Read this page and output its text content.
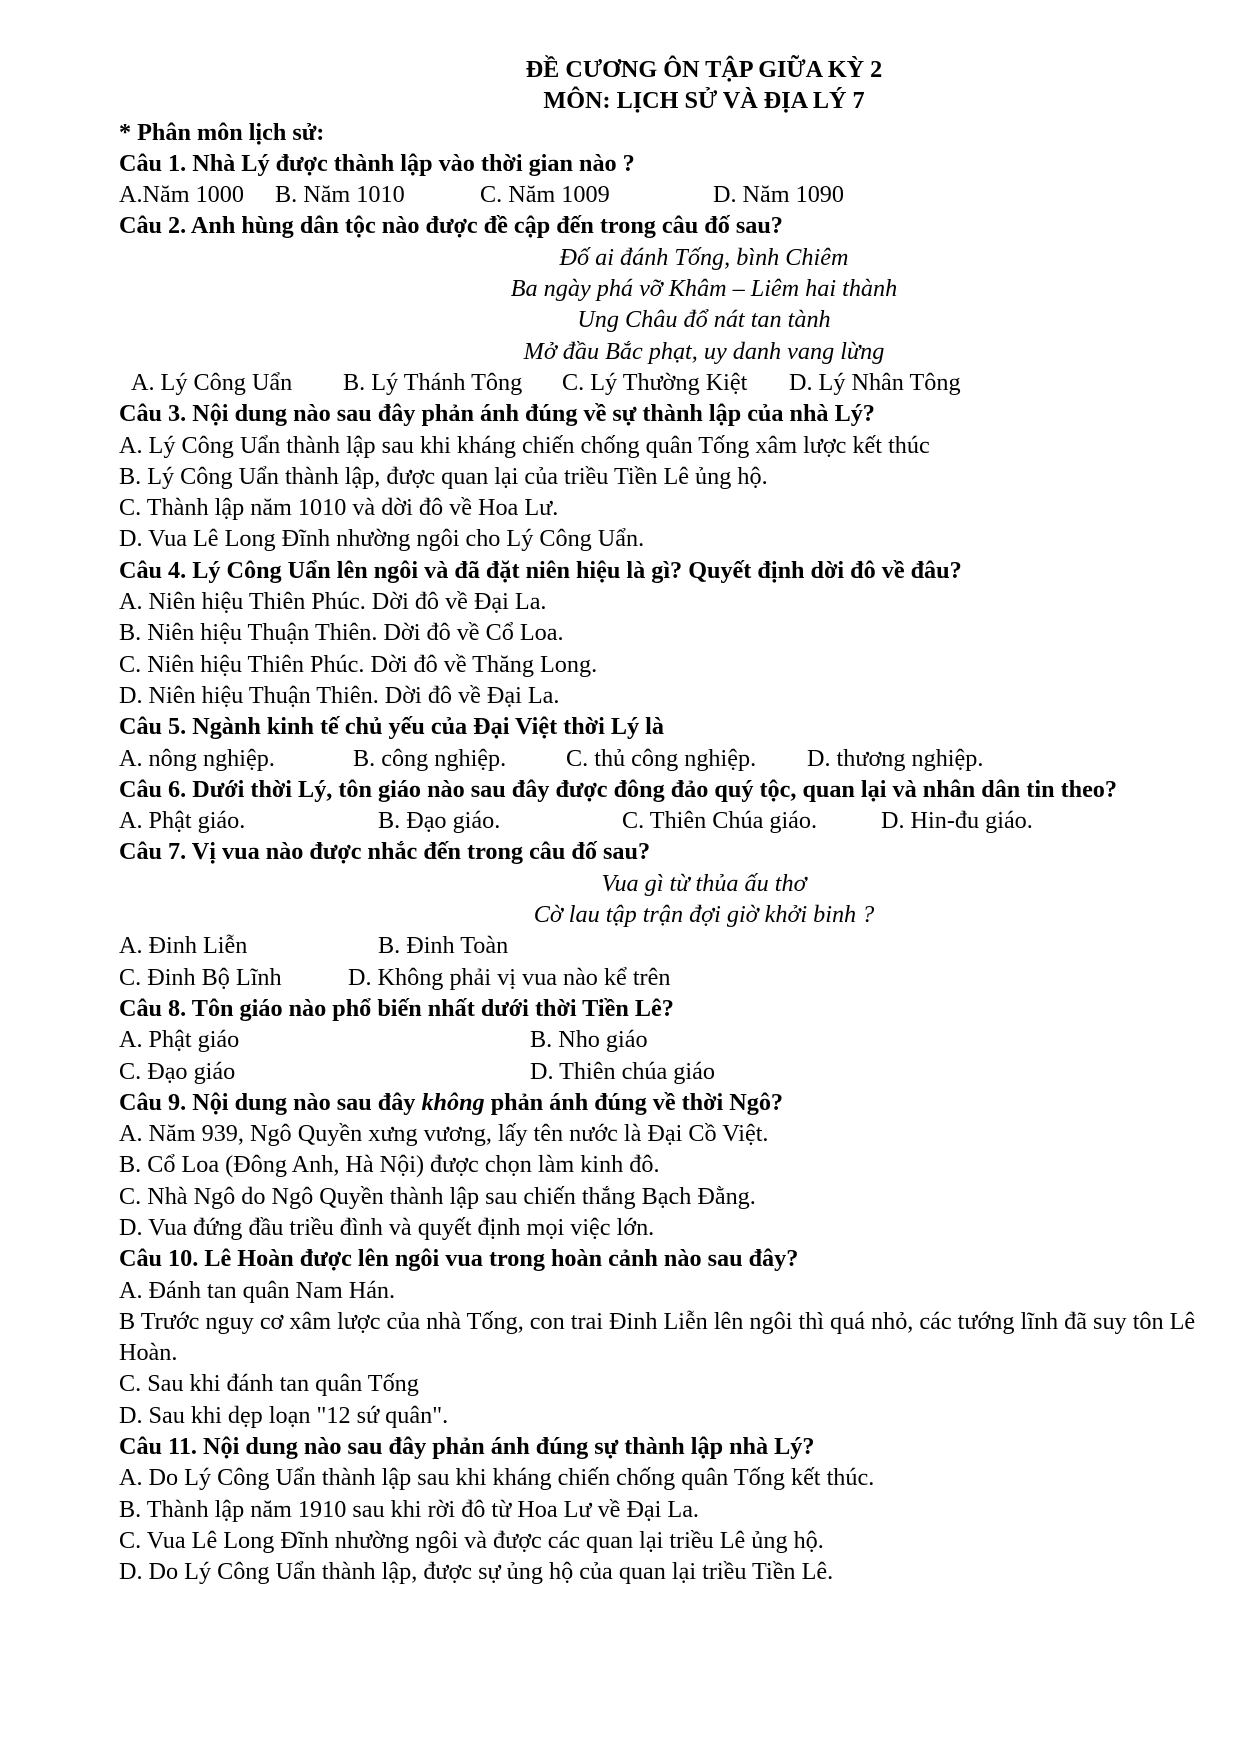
ĐỀ CƯƠNG ÔN TẬP GIỮA KỲ 2

MÔN: LỊCH SỬ VÀ ĐỊA LÝ 7

* Phân môn lịch sử:

Câu 1. Nhà Lý được thành lập vào thời gian nào ?

A.Năm 1000	B. Năm 1010	C. Năm 1009	D. Năm 1090

Câu 2. Anh hùng dân tộc nào được đề cập đến trong câu đố sau?

Đố ai đánh Tống, bình Chiêm

Ba ngày phá vỡ Khâm – Liêm hai thành

Ung Châu đổ nát tan tành

Mở đầu Bắc phạt, uy danh vang lừng

A. Lý Công Uẩn	B. Lý Thánh Tông	C. Lý Thường Kiệt	D. Lý Nhân Tông

Câu 3. Nội dung nào sau đây phản ánh đúng về sự thành lập của nhà Lý?

A. Lý Công Uẩn thành lập sau khi kháng chiến chống quân Tống xâm lược kết thúc

B. Lý Công Uẩn thành lập, được quan lại của triều Tiền Lê ủng hộ.

C. Thành lập năm 1010 và dời đô về Hoa Lư.

D. Vua Lê Long Đĩnh nhường ngôi cho Lý Công Uẩn.

Câu 4. Lý Công Uẩn lên ngôi và đã đặt niên hiệu là gì? Quyết định dời đô về đâu?

A. Niên hiệu Thiên Phúc. Dời đô về Đại La.

B. Niên hiệu Thuận Thiên. Dời đô về Cổ Loa.

C. Niên hiệu Thiên Phúc. Dời đô về Thăng Long.

D. Niên hiệu Thuận Thiên. Dời đô về Đại La.

Câu 5. Ngành kinh tế chủ yếu của Đại Việt thời Lý là

A. nông nghiệp.	B. công nghiệp.	C. thủ công nghiệp.	D. thương nghiệp.

Câu 6. Dưới thời Lý, tôn giáo nào sau đây được đông đảo quý tộc, quan lại và nhân dân tin theo?

A. Phật giáo.	B. Đạo giáo.	C. Thiên Chúa giáo.	D. Hin-đu giáo.

Câu 7. Vị vua nào được nhắc đến trong câu đố sau?

Vua gì từ thủa ấu thơ

Cờ lau tập trận đợi giờ khởi binh ?

A. Đinh Liễn	B. Đinh Toàn
C. Đinh Bộ Lĩnh	D. Không phải vị vua nào kể trên

Câu 8. Tôn giáo nào phổ biến nhất dưới thời Tiền Lê?

A. Phật giáo	B. Nho giáo
C. Đạo giáo	D. Thiên chúa giáo

Câu 9. Nội dung nào sau đây không phản ánh đúng về thời Ngô?

A. Năm 939, Ngô Quyền xưng vương, lấy tên nước là Đại Cồ Việt.

B. Cổ Loa (Đông Anh, Hà Nội) được chọn làm kinh đô.

C. Nhà Ngô do Ngô Quyền thành lập sau chiến thắng Bạch Đằng.

D. Vua đứng đầu triều đình và quyết định mọi việc lớn.

Câu 10. Lê Hoàn được lên ngôi vua trong hoàn cảnh nào sau đây?

A. Đánh tan quân Nam Hán.

B Trước nguy cơ xâm lược của nhà Tống, con trai Đinh Liễn lên ngôi thì quá nhỏ, các tướng lĩnh đã suy tôn Lê Hoàn.

C. Sau khi đánh tan quân Tống

D. Sau khi dẹp loạn "12 sứ quân".

Câu 11. Nội dung nào sau đây phản ánh đúng sự thành lập nhà Lý?

A. Do Lý Công Uẩn thành lập sau khi kháng chiến chống quân Tống kết thúc.

B. Thành lập năm 1910 sau khi rời đô từ Hoa Lư về Đại La.

C. Vua Lê Long Đĩnh nhường ngôi và được các quan lại triều Lê ủng hộ.

D. Do Lý Công Uẩn thành lập, được sự ủng hộ của quan lại triều Tiền Lê.
